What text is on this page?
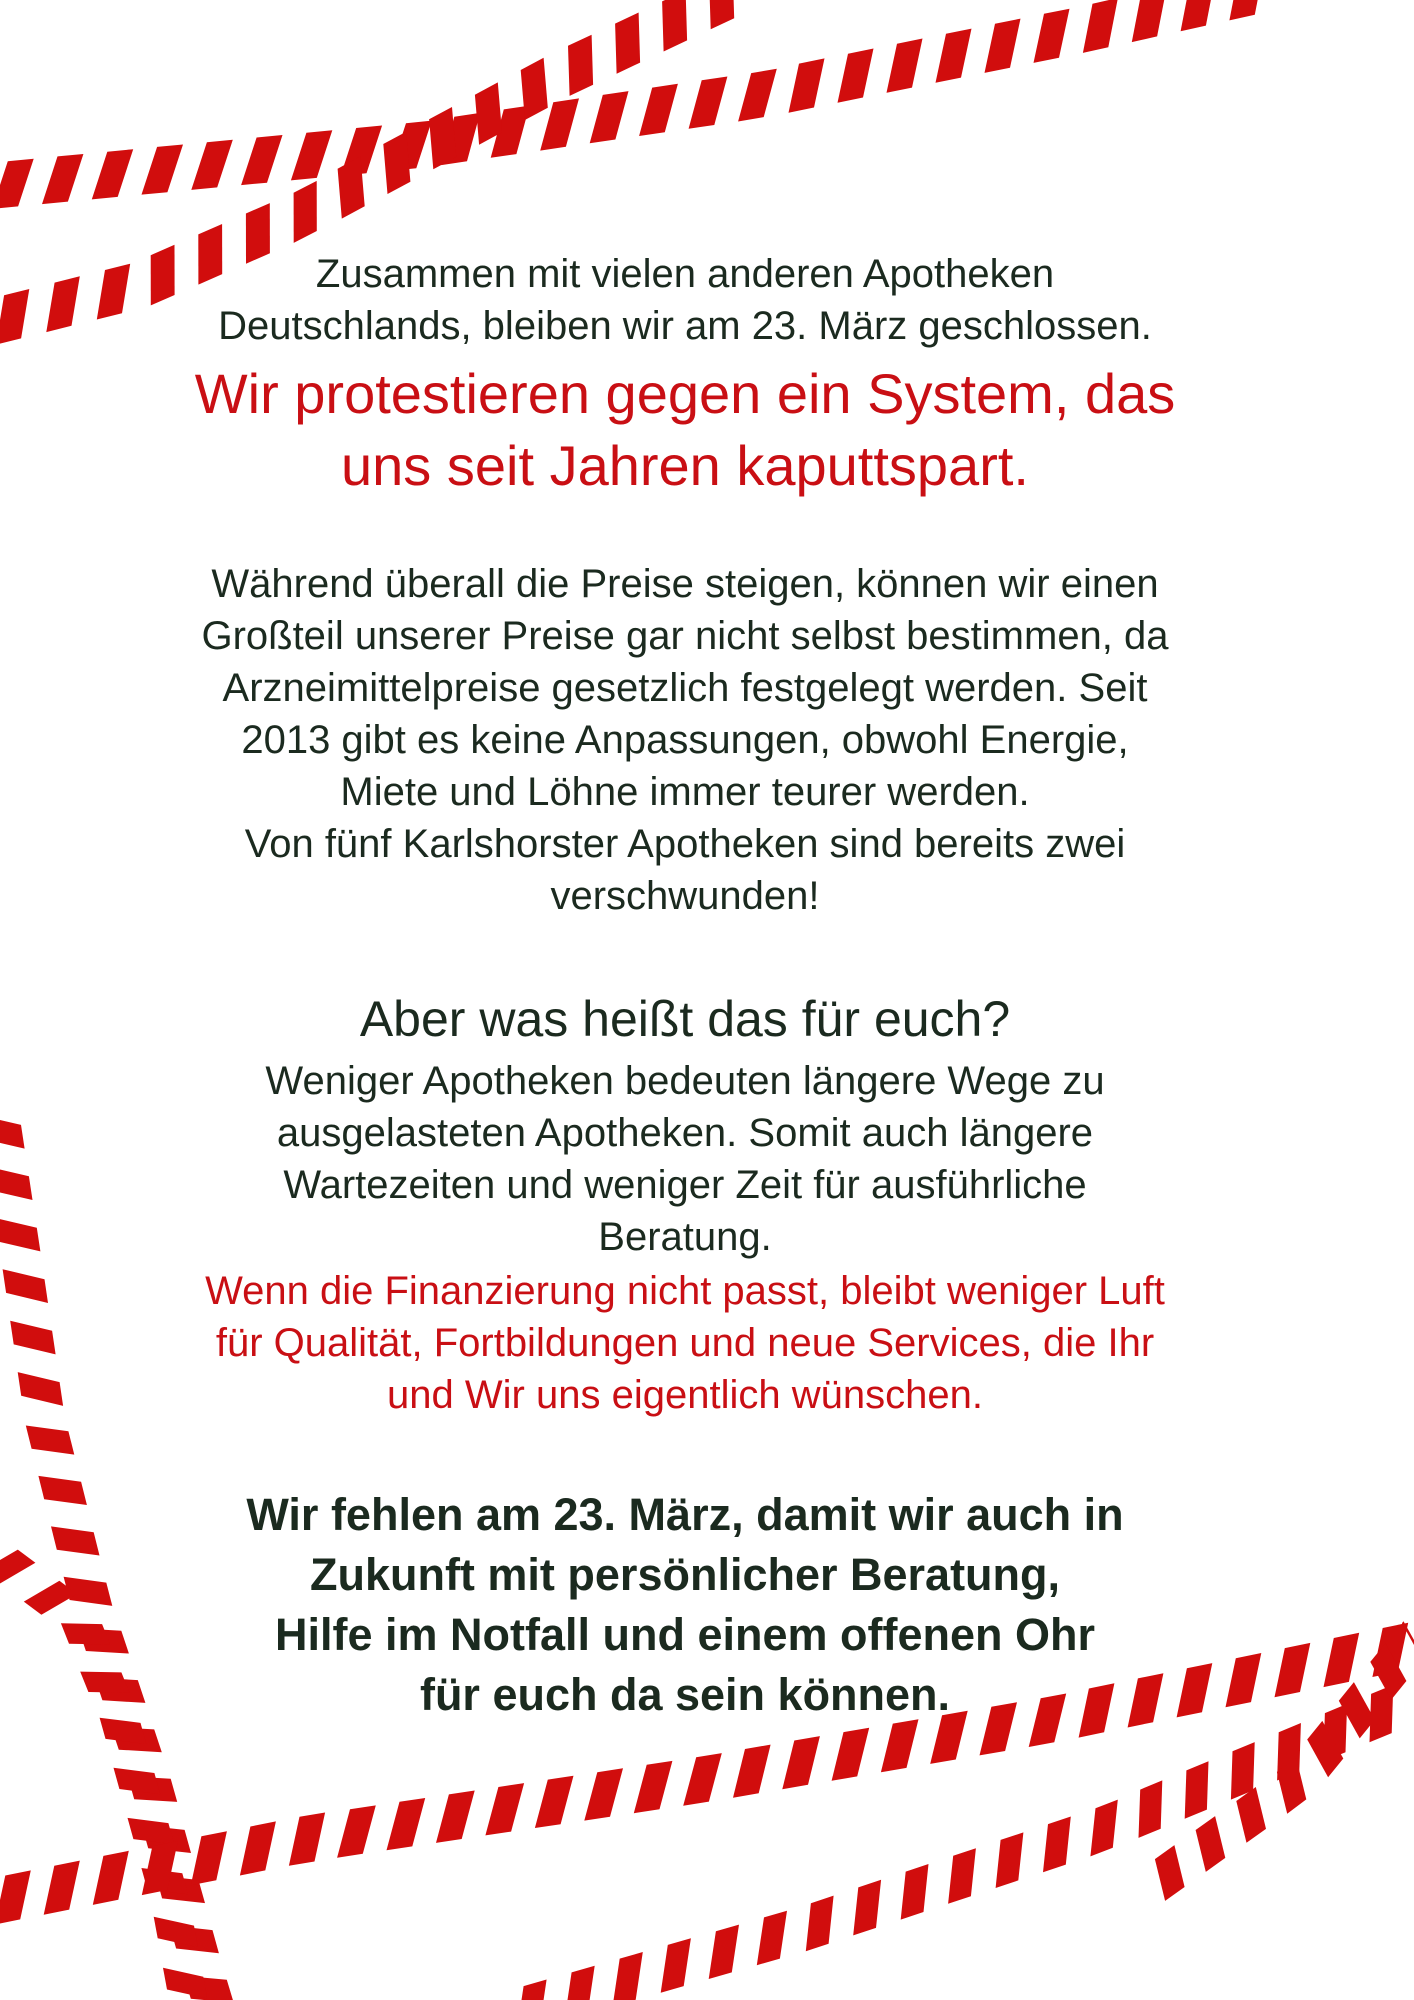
Zusammen mit vielen anderen Apotheken
Deutschlands, bleiben wir am 23. März geschlossen.
Wir protestieren gegen ein System, das
uns seit Jahren kaputtspart.
Während überall die Preise steigen, können wir einen
Großteil unserer Preise gar nicht selbst bestimmen, da
Arzneimittelpreise gesetzlich festgelegt werden. Seit
2013 gibt es keine Anpassungen, obwohl Energie,
Miete und Löhne immer teurer werden.
Von fünf Karlshorster Apotheken sind bereits zwei
verschwunden!
Aber was heißt das für euch?
Weniger Apotheken bedeuten längere Wege zu
ausgelasteten Apotheken. Somit auch längere
Wartezeiten und weniger Zeit für ausführliche
Beratung.
Wenn die Finanzierung nicht passt, bleibt weniger Luft
für Qualität, Fortbildungen und neue Services, die Ihr
und Wir uns eigentlich wünschen.
Wir fehlen am 23. März, damit wir auch in
Zukunft mit persönlicher Beratung,
Hilfe im Notfall und einem offenen Ohr
für euch da sein können.
